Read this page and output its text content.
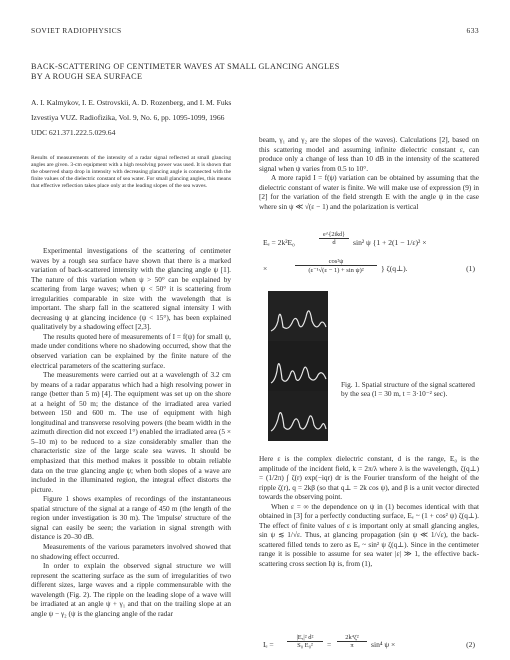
SOVIET RADIOPHYSICS	633
BACK-SCATTERING OF CENTIMETER WAVES AT SMALL GLANCING ANGLES
BY A ROUGH SEA SURFACE
A. I. Kalmykov, I. E. Ostrovskii, A. D. Rozenberg, and I. M. Fuks
Izvestiya VUZ. Radiofizika, Vol. 9, No. 6, pp. 1095-1099, 1966
UDC 621.371.222.5.029.64
Results of measurements of the intensity of a radar signal reflected at small glancing angles are given. 3-cm equipment with a high resolving power was used. It is shown that the observed sharp drop in intensity with decreasing glancing angle is connected with the finite values of the dielectric constant of sea water. For small glancing angles, this means that effective reflection takes place only at the leading slopes of the sea waves.

Experimental investigations of the scattering of centimeter waves by a rough sea surface have shown that there is a marked variation of back-scattered intensity with the glancing angle ψ [1]. The nature of this variation when ψ > 50° can be explained by scattering from large waves; when ψ < 50° it is scattering from irregularities comparable in size with the wavelength that is important. The sharp fall in the scattered signal intensity I with decreasing ψ at glancing incidence (ψ < 15°), has been explained qualitatively by a shadowing effect [2,3].

The results quoted here of measurements of I = f(ψ) for small ψ, made under conditions where no shadowing occurred, show that the observed variation can be explained by the finite nature of the electrical parameters of the scattering surface.

The measurements were carried out at a wavelength of 3.2 cm by means of a radar apparatus which had a high resolving power in range (better than 5 m) [4]. The equipment was set up on the shore at a height of 50 m; the distance of the irradiated area varied between 150 and 600 m. The use of equipment with high longitudinal and transverse resolving powers (the beam width in the azimuth direction did not exceed 1°) enabled the irradiated area (5 × 5–10 m) to be reduced to a size considerably smaller than the characteristic size of the large scale sea waves. It should be emphasized that this method makes it possible to obtain reliable data on the true glancing angle ψ; when both slopes of a wave are included in the illuminated region, the integral effect distorts the picture.

Figure 1 shows examples of recordings of the instantaneous spatial structure of the signal at a range of 450 m (the length of the region under investigation is 30 m). The 'impulse' structure of the signal can easily be seen; the variation in signal strength with distance is 20–30 dB.

Measurements of the various parameters involved showed that no shadowing effect occurred.

In order to explain the observed signal structure we will represent the scattering surface as the sum of irregularities of two different sizes, large waves and a ripple commensurable with the wavelength (Fig. 2). The ripple on the leading slope of a wave will be irradiated at an angle ψ + γ₁ and that on the trailing slope at an angle ψ − γ₂ (ψ is the glancing angle of the radar

beam, γ₁ and γ₂ are the slopes of the waves). Calculations [2], based on this scattering model and assuming infinite dielectric constant ε, can produce only a change of less than 10 dB in the intensity of the scattered signal when ψ varies from 0.5 to 10°.

A more rapid I = f(ψ) variation can be obtained by assuming that the dielectric constant of water is finite. We will make use of expression (9) in [2] for the variation of the field strength E with the angle ψ in the case where sin ψ ≪ √(ε − 1) and the polarization is vertical

Eₑ = 2k²E₀
e^{2ikd}
d	sin² ψ {1 + 2(1 − 1/ε)² ×
×
cos²ψ
(ε⁻¹√(ε − 1) + sin ψ)²	} ζ(q⊥).	(1)
Fig. 1. Spatial structure of the signal scattered by the sea (l = 30 m, t = 3·10⁻² sec).

Here ε is the complex dielectric constant, d is the range, E₀ is the amplitude of the incident field, k = 2π/λ where λ is the wavelength, ζ(q⊥) = (1/2π) ∫ ζ(r) exp(−iqr) dr is the Fourier transform of the height of the ripple ζ(r), q = 2kβ (so that q⊥ = 2k cos ψ), and β is a unit vector directed towards the observing point.

When ε = ∞ the dependence on ψ in (1) becomes identical with that obtained in [3] for a perfectly conducting surface, Eₑ ~ (1 + cos² ψ) ζ(q⊥). The effect of finite values of ε is important only at small glancing angles, sin ψ ≲ 1/√ε. Thus, at glancing propagation (sin ψ ≪ 1/√ε), the back-scattered filled tends to zero as Eₑ ~ sin² ψ ζ(q⊥). Since in the centimeter range it is possible to assume for sea water |ε| ≫ 1, the effective back-scattering cross section Iψ is, from (1),

Iₑ =
|Eₑ|² d²
S₀ E₀²	=
2k⁴ζ²
π	sin⁴ ψ ×	(2)
